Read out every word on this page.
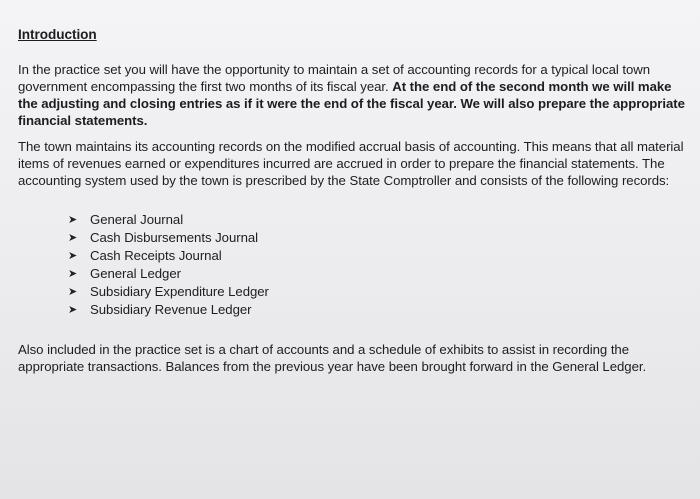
Introduction

In the practice set you will have the opportunity to maintain a set of accounting records for a typical local town government encompassing the first two months of its fiscal year. At the end of the second month we will make the adjusting and closing entries as if it were the end of the fiscal year. We will also prepare the appropriate financial statements.

The town maintains its accounting records on the modified accrual basis of accounting. This means that all material items of revenues earned or expenditures incurred are accrued in order to prepare the financial statements. The accounting system used by the town is prescribed by the State Comptroller and consists of the following records:

➤ General Journal
➤ Cash Disbursements Journal
➤ Cash Receipts Journal
➤ General Ledger
➤ Subsidiary Expenditure Ledger
➤ Subsidiary Revenue Ledger

Also included in the practice set is a chart of accounts and a schedule of exhibits to assist in recording the appropriate transactions. Balances from the previous year have been brought forward in the General Ledger.
